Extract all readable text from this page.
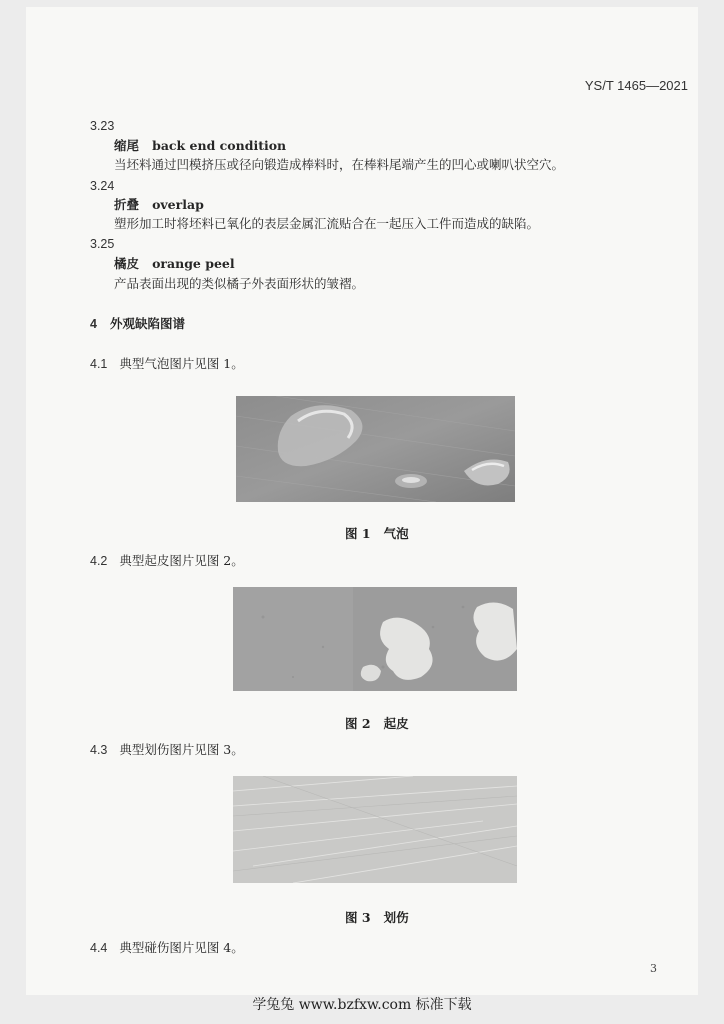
YS/T 1465—2021
3.23
缩尾 back end condition
当坯料通过凹模挤压或径向锻造成棒料时，在棒料尾端产生的凹心或喇叭状空穴。
3.24
折叠 overlap
塑形加工时将坯料已氧化的表层金属汇流贴合在一起压入工件而造成的缺陷。
3.25
橘皮 orange peel
产品表面出现的类似橘子外表面形状的皱褶。
4 外观缺陷图谱
4.1 典型气泡图片见图 1。
图 1 气泡
4.2 典型起皮图片见图 2。
图 2 起皮
4.3 典型划伤图片见图 3。
图 3 划伤
4.4 典型碰伤图片见图 4。
3
学兔兔 www.bzfxw.com 标准下载
